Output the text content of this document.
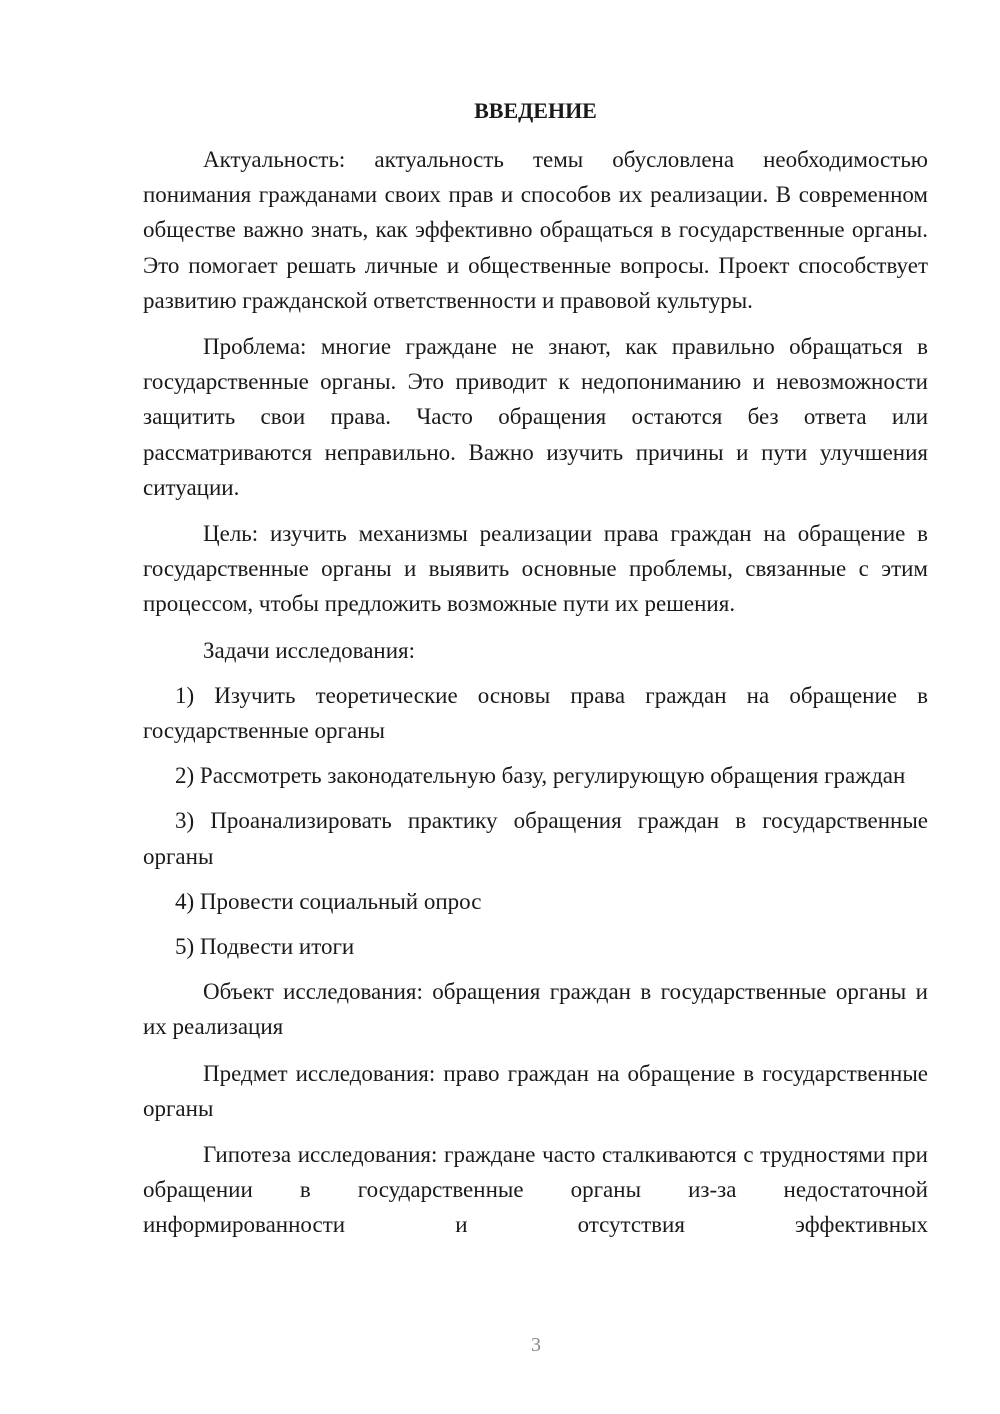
ВВЕДЕНИЕ

Актуальность: актуальность темы обусловлена необходимостью понимания гражданами своих прав и способов их реализации. В современном обществе важно знать, как эффективно обращаться в государственные органы. Это помогает решать личные и общественные вопросы. Проект способствует развитию гражданской ответственности и правовой культуры.

Проблема: многие граждане не знают, как правильно обращаться в государственные органы. Это приводит к недопониманию и невозможности защитить свои права. Часто обращения остаются без ответа или рассматриваются неправильно. Важно изучить причины и пути улучшения ситуации.

Цель: изучить механизмы реализации права граждан на обращение в государственные органы и выявить основные проблемы, связанные с этим процессом, чтобы предложить возможные пути их решения.

Задачи исследования:

1) Изучить теоретические основы права граждан на обращение в государственные органы

2) Рассмотреть законодательную базу, регулирующую обращения граждан

3) Проанализировать практику обращения граждан в государственные органы

4) Провести социальный опрос

5) Подвести итоги

Объект исследования: обращения граждан в государственные органы и их реализация

Предмет исследования: право граждан на обращение в государственные органы

Гипотеза исследования: граждане часто сталкиваются с трудностями при обращении в государственные органы из-за недостаточной информированности и отсутствия эффективных

3
